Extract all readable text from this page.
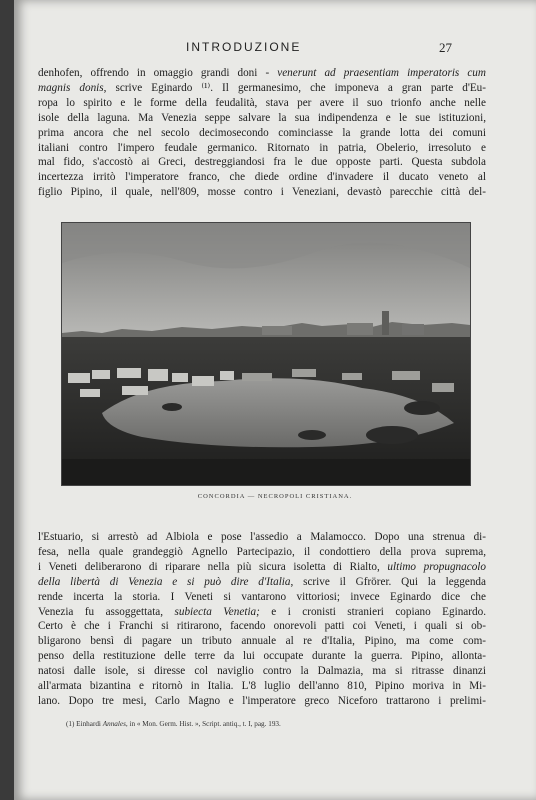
INTRODUZIONE	27
denhofen, offrendo in omaggio grandi doni - venerunt ad praesentiam imperatoris cum
magnis donis, scrive Eginardo ⁽¹⁾. Il germanesimo, che imponeva a gran parte d'Eu-
ropa lo spirito e le forme della feudalità, stava per avere il suo trionfo anche nelle
isole della laguna. Ma Venezia seppe salvare la sua indipendenza e le sue istituzioni,
prima ancora che nel secolo decimosecondo cominciasse la grande lotta dei comuni
italiani contro l'impero feudale germanico. Ritornato in patria, Obelerio, irresoluto e
mal fido, s'accostò ai Greci, destreggiandosi fra le due opposte parti. Questa subdola
incertezza irritò l'imperatore franco, che diede ordine d'invadere il ducato veneto al
figlio Pipino, il quale, nell'809, mosse contro i Veneziani, devastò parecchie città del-
CONCORDIA — NECROPOLI CRISTIANA.
l'Estuario, si arrestò ad Albiola e pose l'assedio a Malamocco. Dopo una strenua di-
fesa, nella quale grandeggiò Agnello Partecipazio, il condottiero della prova suprema,
i Veneti deliberarono di riparare nella più sicura isoletta di Rialto, ultimo propugnacolo
della libertà di Venezia e si può dire d'Italia, scrive il Gfrörer. Qui la leggenda
rende incerta la storia. I Veneti si vantarono vittoriosi; invece Eginardo dice che
Venezia fu assoggettata, subiecta Venetia; e i cronisti stranieri copiano Eginardo.
Certo è che i Franchi si ritirarono, facendo onorevoli patti coi Veneti, i quali si ob-
bligarono bensì di pagare un tributo annuale al re d'Italia, Pipino, ma come com-
penso della restituzione delle terre da lui occupate durante la guerra. Pipino, allonta-
natosi dalle isole, si diresse col naviglio contro la Dalmazia, ma si ritrasse dinanzi
all'armata bizantina e ritornò in Italia. L'8 luglio dell'anno 810, Pipino moriva in Mi-
lano. Dopo tre mesi, Carlo Magno e l'imperatore greco Niceforo trattarono i prelimi-
(1) Einhardi Annales, in « Mon. Germ. Hist. », Script. antiq., t. I, pag. 193.
